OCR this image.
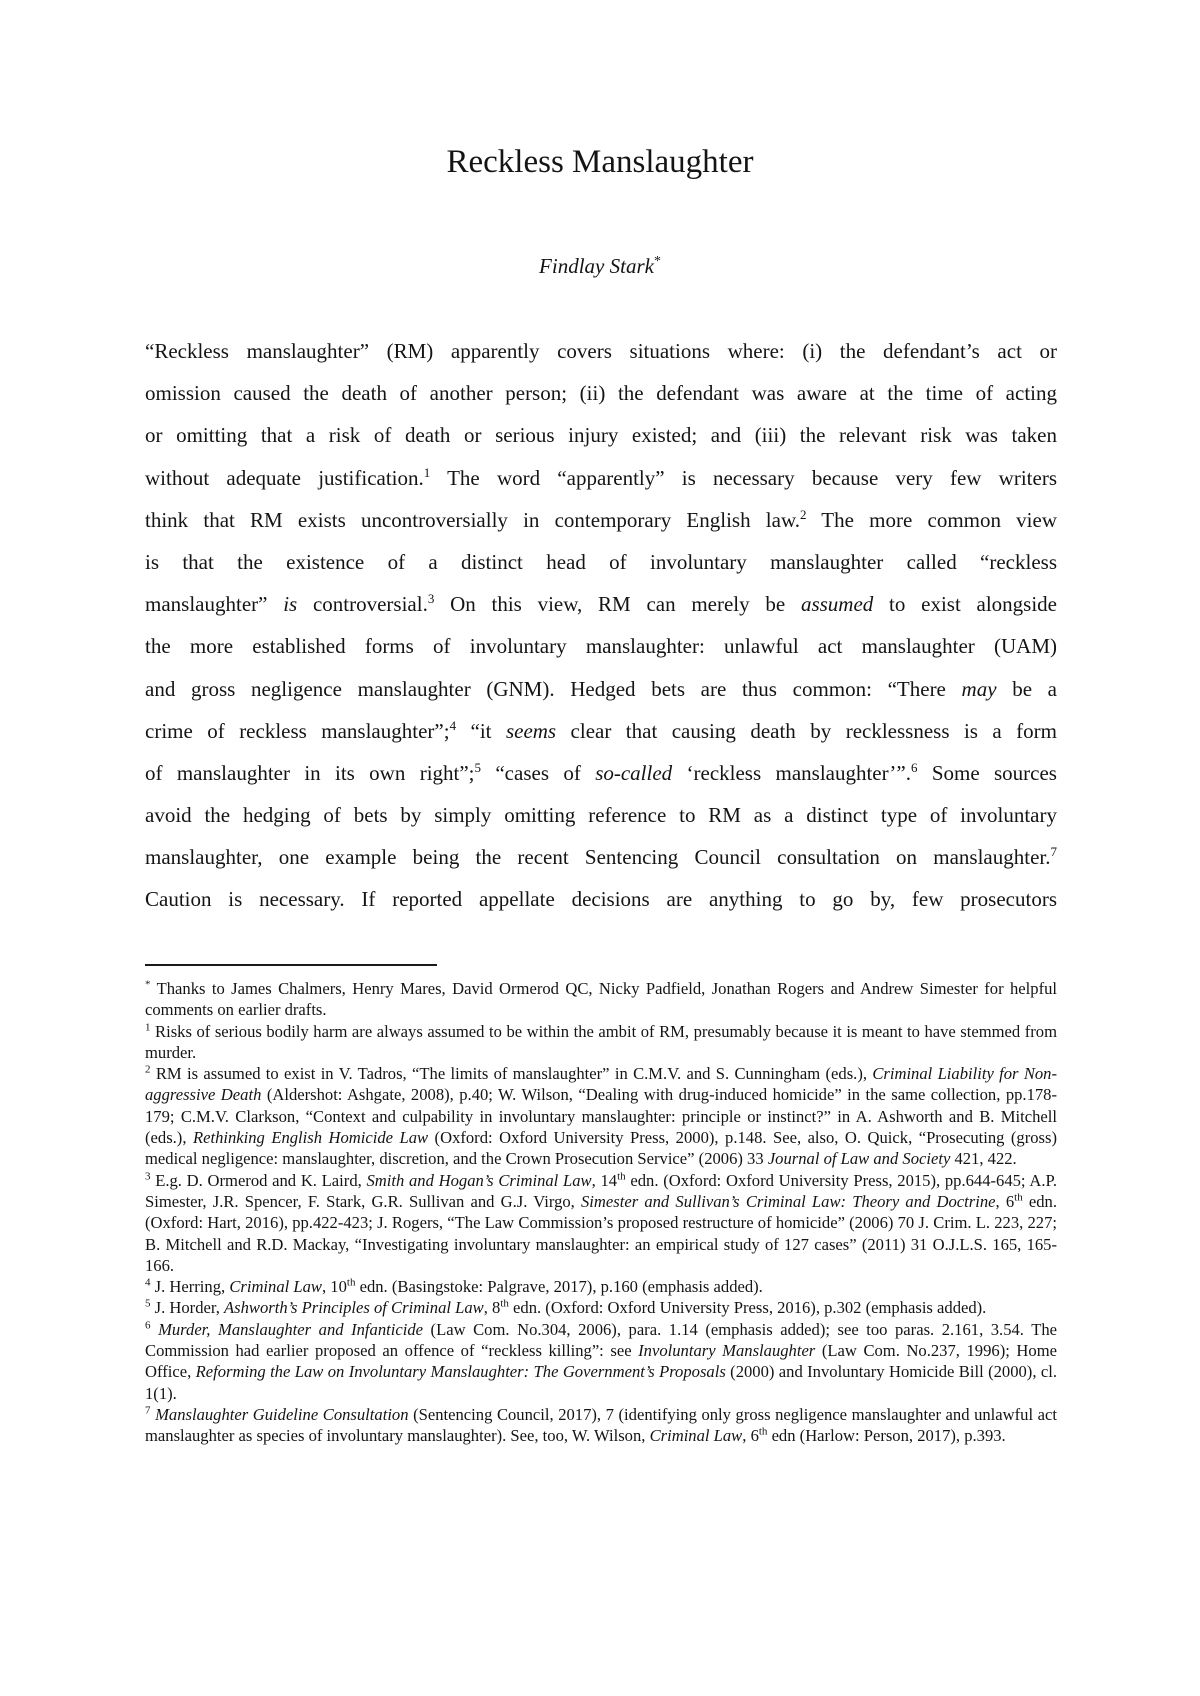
Reckless Manslaughter

Findlay Stark*

“Reckless manslaughter” (RM) apparently covers situations where: (i) the defendant’s act or
omission caused the death of another person; (ii) the defendant was aware at the time of acting
or omitting that a risk of death or serious injury existed; and (iii) the relevant risk was taken
without adequate justification.$^1$ The word “apparently” is necessary because very few writers
think that RM exists uncontroversially in contemporary English law.$^2$ The more common view
is that the existence of a distinct head of involuntary manslaughter called “reckless
manslaughter” is controversial.$^3$ On this view, RM can merely be assumed to exist alongside
the more established forms of involuntary manslaughter: unlawful act manslaughter (UAM)
and gross negligence manslaughter (GNM). Hedged bets are thus common: “There may be a
crime of reckless manslaughter”;$^4$ “it seems clear that causing death by recklessness is a form
of manslaughter in its own right”;$^5$ “cases of so-called ‘reckless manslaughter’”.$^6$ Some sources
avoid the hedging of bets by simply omitting reference to RM as a distinct type of involuntary
manslaughter, one example being the recent Sentencing Council consultation on manslaughter.$^7$
Caution is necessary. If reported appellate decisions are anything to go by, few prosecutors

* Thanks to James Chalmers, Henry Mares, David Ormerod QC, Nicky Padfield, Jonathan Rogers and Andrew Simester for helpful comments on earlier drafts.

$^1$ Risks of serious bodily harm are always assumed to be within the ambit of RM, presumably because it is meant to have stemmed from murder.

$^2$ RM is assumed to exist in V. Tadros, “The limits of manslaughter” in C.M.V. and S. Cunningham (eds.), Criminal Liability for Non-aggressive Death (Aldershot: Ashgate, 2008), p.40; W. Wilson, “Dealing with drug-induced homicide” in the same collection, pp.178-179; C.M.V. Clarkson, “Context and culpability in involuntary manslaughter: principle or instinct?” in A. Ashworth and B. Mitchell (eds.), Rethinking English Homicide Law (Oxford: Oxford University Press, 2000), p.148. See, also, O. Quick, “Prosecuting (gross) medical negligence: manslaughter, discretion, and the Crown Prosecution Service” (2006) 33 Journal of Law and Society 421, 422.

$^3$ E.g. D. Ormerod and K. Laird, Smith and Hogan’s Criminal Law, 14th edn. (Oxford: Oxford University Press, 2015), pp.644-645; A.P. Simester, J.R. Spencer, F. Stark, G.R. Sullivan and G.J. Virgo, Simester and Sullivan’s Criminal Law: Theory and Doctrine, 6th edn. (Oxford: Hart, 2016), pp.422-423; J. Rogers, “The Law Commission’s proposed restructure of homicide” (2006) 70 J. Crim. L. 223, 227; B. Mitchell and R.D. Mackay, “Investigating involuntary manslaughter: an empirical study of 127 cases” (2011) 31 O.J.L.S. 165, 165-166.

$^4$ J. Herring, Criminal Law, 10th edn. (Basingstoke: Palgrave, 2017), p.160 (emphasis added).

$^5$ J. Horder, Ashworth’s Principles of Criminal Law, 8th edn. (Oxford: Oxford University Press, 2016), p.302 (emphasis added).

$^6$ Murder, Manslaughter and Infanticide (Law Com. No.304, 2006), para. 1.14 (emphasis added); see too paras. 2.161, 3.54. The Commission had earlier proposed an offence of “reckless killing”: see Involuntary Manslaughter (Law Com. No.237, 1996); Home Office, Reforming the Law on Involuntary Manslaughter: The Government’s Proposals (2000) and Involuntary Homicide Bill (2000), cl. 1(1).

$^7$ Manslaughter Guideline Consultation (Sentencing Council, 2017), 7 (identifying only gross negligence manslaughter and unlawful act manslaughter as species of involuntary manslaughter). See, too, W. Wilson, Criminal Law, 6th edn (Harlow: Person, 2017), p.393.
